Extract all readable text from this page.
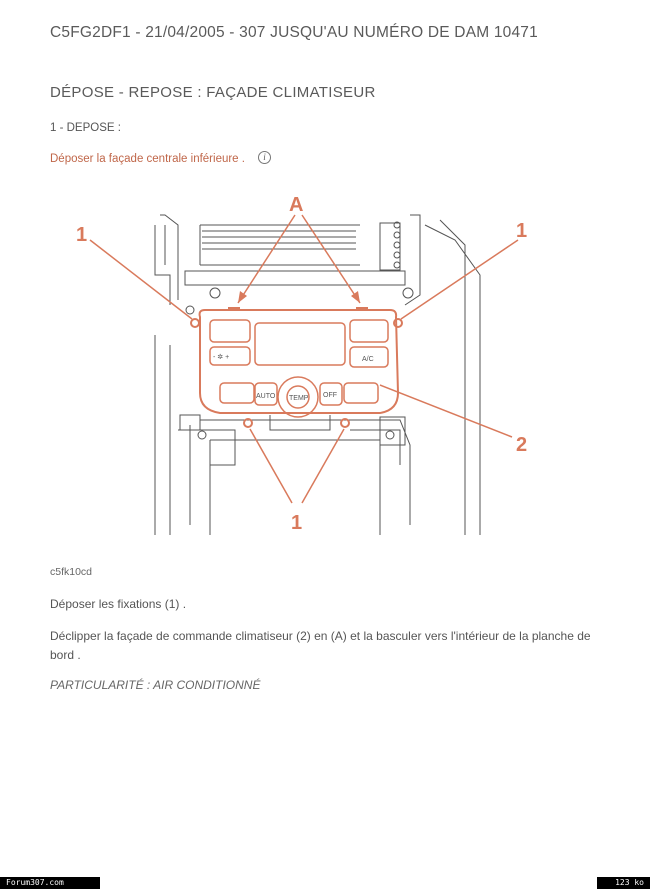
C5FG2DF1 - 21/04/2005 - 307 JUSQU'AU NUMÉRO DE DAM 10471
DÉPOSE - REPOSE : FAÇADE CLIMATISEUR
1 - DEPOSE :
Déposer la façade centrale inférieure .	i
A
1	1
1
2
- ✲ +	A/C
AUTO TEMP OFF
c5fk10cd
Déposer les fixations (1) .
Déclipper la façade de commande climatiseur (2) en (A) et la basculer vers l'intérieur de la planche de bord .
PARTICULARITÉ : AIR CONDITIONNÉ
Forum307.com	123 ko
